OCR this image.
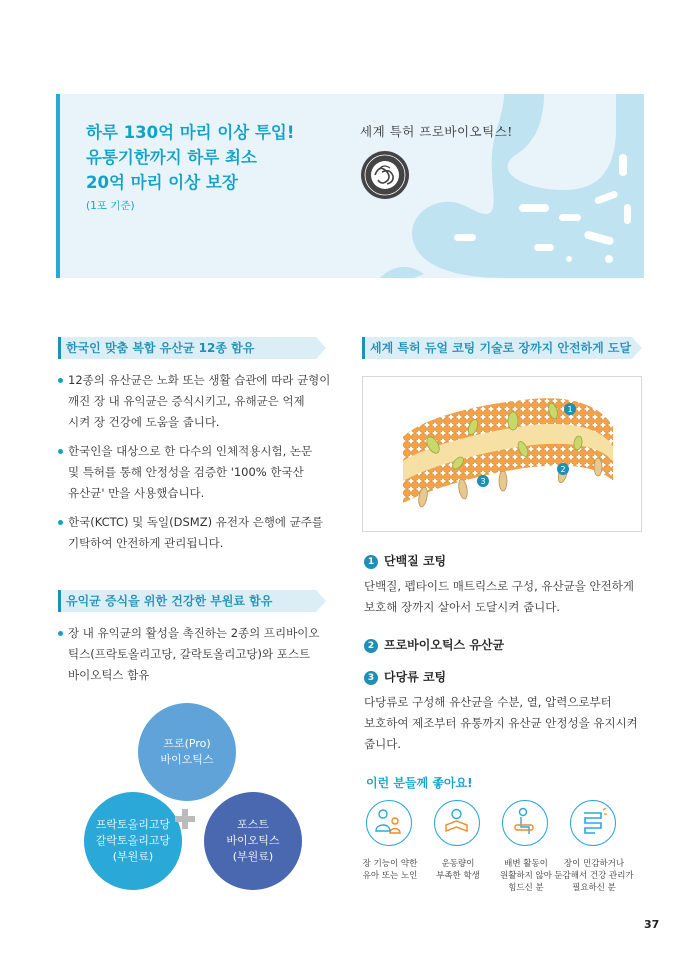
하루 130억 마리 이상 투입!
유통기한까지 하루 최소
20억 마리 이상 보장
(1포 기준)
세계 특허 프로바이오틱스!
한국인 맞춤 복합 유산균 12종 함유
12종의 유산균은 노화 또는 생활 습관에 따라 균형이
깨진 장 내 유익균은 증식시키고, 유해균은 억제
시켜 장 건강에 도움을 줍니다.
한국인을 대상으로 한 다수의 인체적용시험, 논문
및 특허를 통해 안정성을 검증한 '100% 한국산
유산균' 만을 사용했습니다.
한국(KCTC) 및 독일(DSMZ) 유전자 은행에 균주를
기탁하여 안전하게 관리됩니다.
유익균 증식을 위한 건강한 부원료 함유
장 내 유익균의 활성을 촉진하는 2종의 프리바이오
틱스(프락토올리고당, 갈락토올리고당)와 포스트
바이오틱스 함유
프로(Pro)
바이오틱스
프락토올리고당
갈락토올리고당
(부원료)
포스트
바이오틱스
(부원료)
세계 특허 듀얼 코팅 기술로 장까지 안전하게 도달
1
2
3
1 단백질 코팅
단백질, 펩타이드 매트릭스로 구성, 유산균을 안전하게
보호해 장까지 살아서 도달시켜 줍니다.
2 프로바이오틱스 유산균
3 다당류 코팅
다당류로 구성해 유산균을 수분, 열, 압력으로부터
보호하여 제조부터 유통까지 유산균 안정성을 유지시켜
줍니다.
이런 분들께 좋아요!
장 기능이 약한
유아 또는 노인
운동량이
부족한 학생
배변 활동이
원활하지 않아
힘드신 분
장이 민감하거나
둔감해서 건강 관리가
필요하신 분
37
